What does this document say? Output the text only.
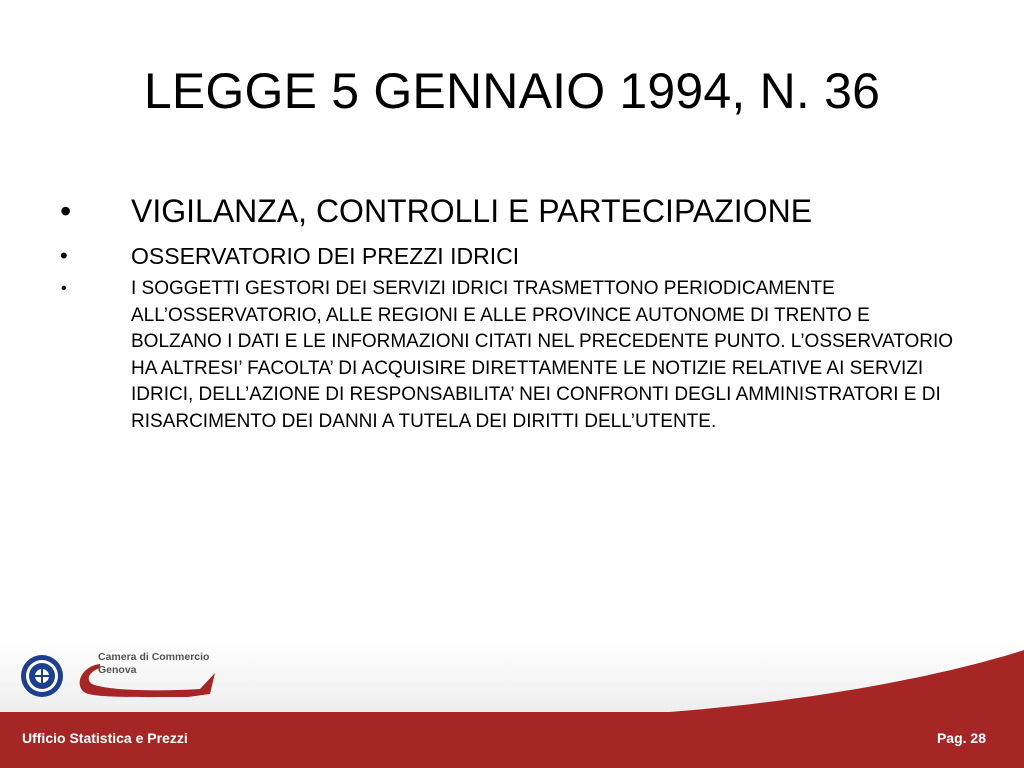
LEGGE 5 GENNAIO 1994, N. 36
• VIGILANZA, CONTROLLI E PARTECIPAZIONE
•	OSSERVATORIO DEI PREZZI IDRICI
•	I SOGGETTI GESTORI DEI SERVIZI IDRICI TRASMETTONO PERIODICAMENTE ALL’OSSERVATORIO, ALLE REGIONI E ALLE PROVINCE AUTONOME DI TRENTO E BOLZANO I DATI E LE INFORMAZIONI CITATI NEL PRECEDENTE PUNTO. L’OSSERVATORIO HA ALTRESI’ FACOLTA’ DI ACQUISIRE DIRETTAMENTE LE NOTIZIE RELATIVE AI SERVIZI IDRICI, DELL’AZIONE DI RESPONSABILITA’ NEI CONFRONTI DEGLI AMMINISTRATORI E DI RISARCIMENTO DEI DANNI A TUTELA DEI DIRITTI DELL’UTENTE.
Camera di Commercio
Genova
Ufficio Statistica e Prezzi	Pag. 28
